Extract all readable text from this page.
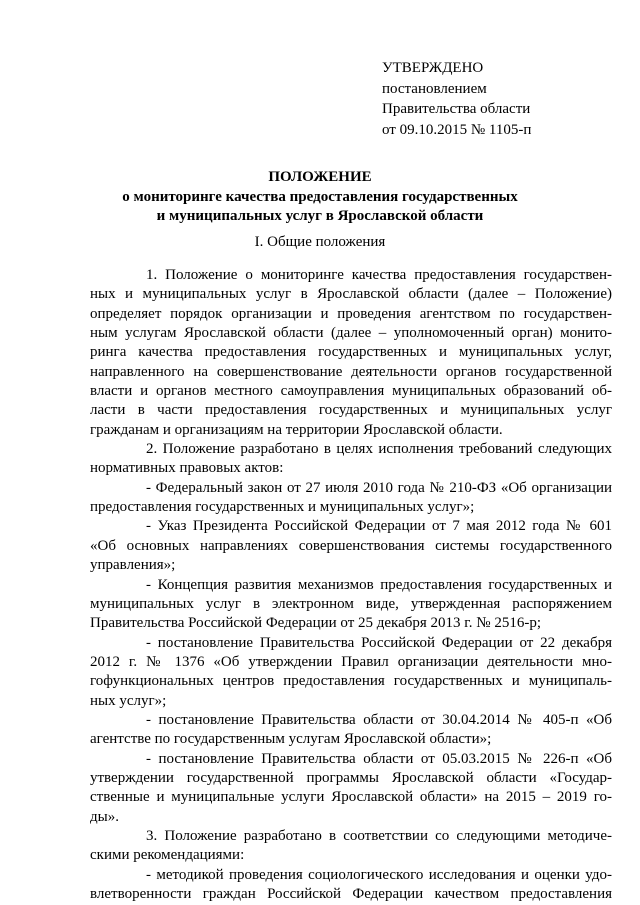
УТВЕРЖДЕНО
постановлением
Правительства области
от 09.10.2015 № 1105-п
ПОЛОЖЕНИЕ
о мониторинге качества предоставления государственных
и муниципальных услуг в Ярославской области
I. Общие положения
1. Положение о мониторинге качества предоставления государствен-
ных и муниципальных услуг в Ярославской области (далее – Положение)
определяет порядок организации и проведения агентством по государствен-
ным услугам Ярославской области (далее – уполномоченный орган) монито-
ринга качества предоставления государственных и муниципальных услуг,
направленного на совершенствование деятельности органов государственной
власти и органов местного самоуправления муниципальных образований об-
ласти в части предоставления государственных и муниципальных услуг
гражданам и организациям на территории Ярославской области.
2. Положение разработано в целях исполнения требований следующих
нормативных правовых актов:
- Федеральный закон от 27 июля 2010 года № 210-ФЗ «Об организации
предоставления государственных и муниципальных услуг»;
- Указ Президента Российской Федерации от 7 мая 2012 года № 601
«Об основных направлениях совершенствования системы государственного
управления»;
- Концепция развития механизмов предоставления государственных и
муниципальных услуг в электронном виде, утвержденная распоряжением
Правительства Российской Федерации от 25 декабря 2013 г. № 2516-р;
- постановление Правительства Российской Федерации от 22 декабря
2012 г. № 1376 «Об утверждении Правил организации деятельности мно-
гофункциональных центров предоставления государственных и муниципаль-
ных услуг»;
- постановление Правительства области от 30.04.2014 № 405-п «Об
агентстве по государственным услугам Ярославской области»;
- постановление Правительства области от 05.03.2015 № 226-п «Об
утверждении государственной программы Ярославской области «Государ-
ственные и муниципальные услуги Ярославской области» на 2015 – 2019 го-
ды».
3. Положение разработано в соответствии со следующими методиче-
скими рекомендациями:
- методикой проведения социологического исследования и оценки удо-
влетворенности граждан Российской Федерации качеством предоставления
